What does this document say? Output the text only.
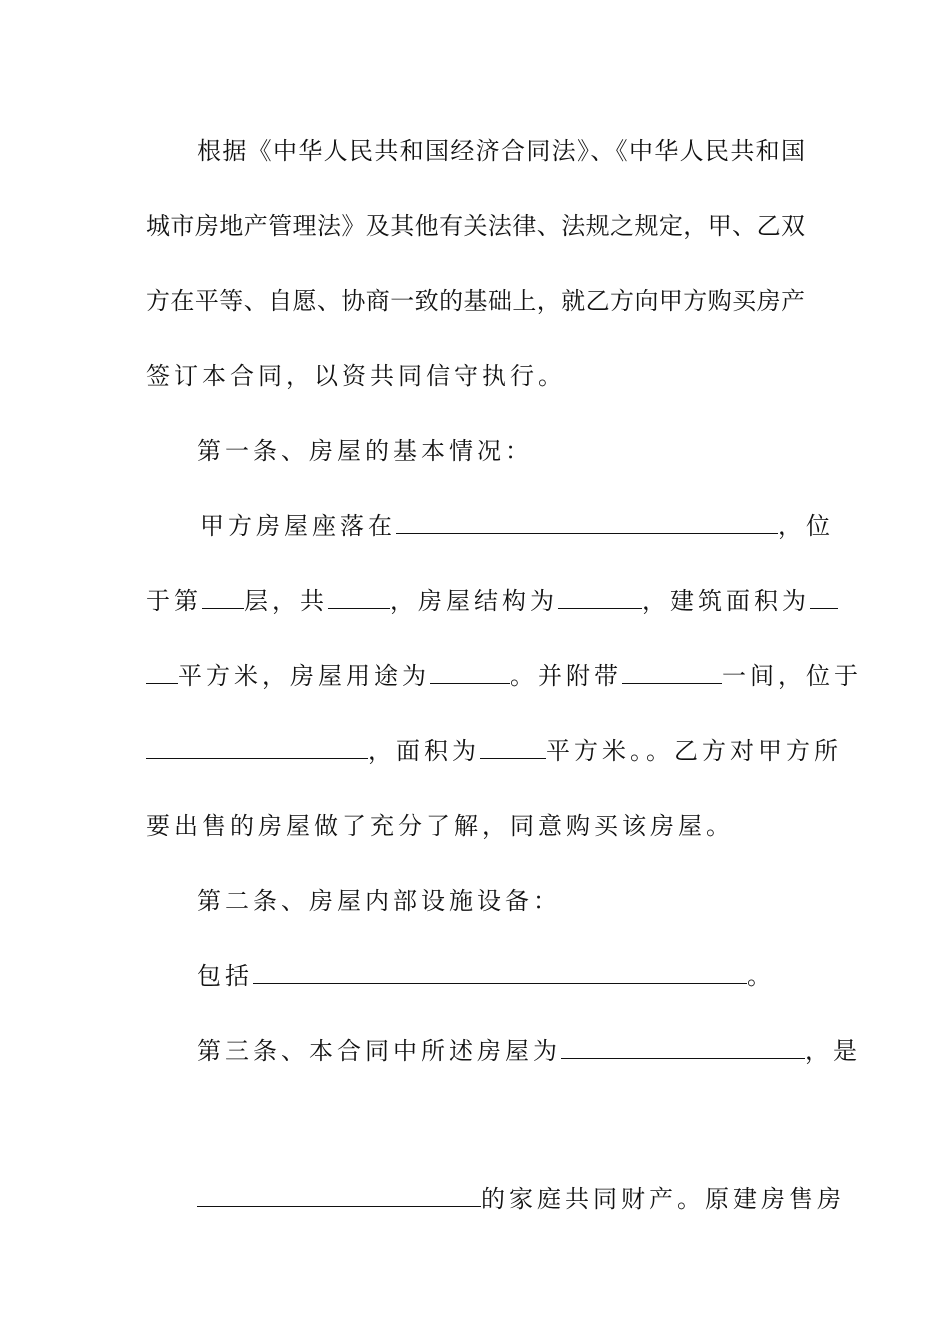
根据《中华人民共和国经济合同法》、《中华人民共和国
城市房地产管理法》及其他有关法律、法规之规定，甲、乙双
方在平等、自愿、协商一致的基础上，就乙方向甲方购买房产
签订本合同，以资共同信守执行。
第一条、房屋的基本情况：
甲方房屋座落在	，位
于第 层，共	，房屋结构为	，建筑面积为
平方米，房屋用途为	。并附带	一间，位于
，面积为	平方米。。乙方对甲方所
要出售的房屋做了充分了解，同意购买该房屋。
第二条、房屋内部设施设备：
包括	。
第三条、本合同中所述房屋为	，是
的家庭共同财产。原建房售房
